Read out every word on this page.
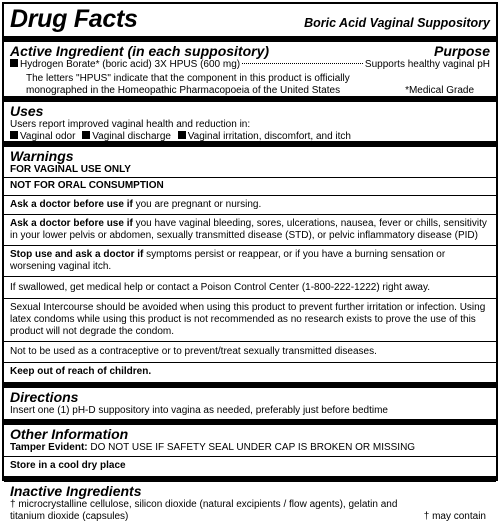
Drug Facts	Boric Acid Vaginal Suppository
Active Ingredient (in each suppository)	Purpose
Hydrogen Borate* (boric acid) 3X HPUS (600 mg)	Supports healthy vaginal pH
The letters "HPUS" indicate that the component in this product is officially
monographed in the Homeopathic Pharmacopoeia of the United States	*Medical Grade
Uses
Users report improved vaginal health and reduction in:
Vaginal odor Vaginal discharge Vaginal irritation, discomfort, and itch
Warnings
FOR VAGINAL USE ONLY
NOT FOR ORAL CONSUMPTION
Ask a doctor before use if you are pregnant or nursing.
Ask a doctor before use if you have vaginal bleeding, sores, ulcerations, nausea, fever or chills, sensitivity in your lower pelvis or abdomen, sexually transmitted disease (STD), or pelvic inflammatory disease (PID)
Stop use and ask a doctor if symptoms persist or reappear, or if you have a burning sensation or worsening vaginal itch.
If swallowed, get medical help or contact a Poison Control Center (1-800-222-1222) right away.
Sexual Intercourse should be avoided when using this product to prevent further irritation or infection. Using latex condoms while using this product is not recommended as no research exists to prove the use of this product will not degrade the condom.
Not to be used as a contraceptive or to prevent/treat sexually transmitted diseases.
Keep out of reach of children.
Directions
Insert one (1) pH-D suppository into vagina as needed, preferably just before bedtime
Other Information
Tamper Evident: DO NOT USE IF SAFETY SEAL UNDER CAP IS BROKEN OR MISSING
Store in a cool dry place
Inactive Ingredients
† microcrystalline cellulose, silicon dioxide (natural excipients / flow agents), gelatin and
titanium dioxide (capsules)	† may contain
